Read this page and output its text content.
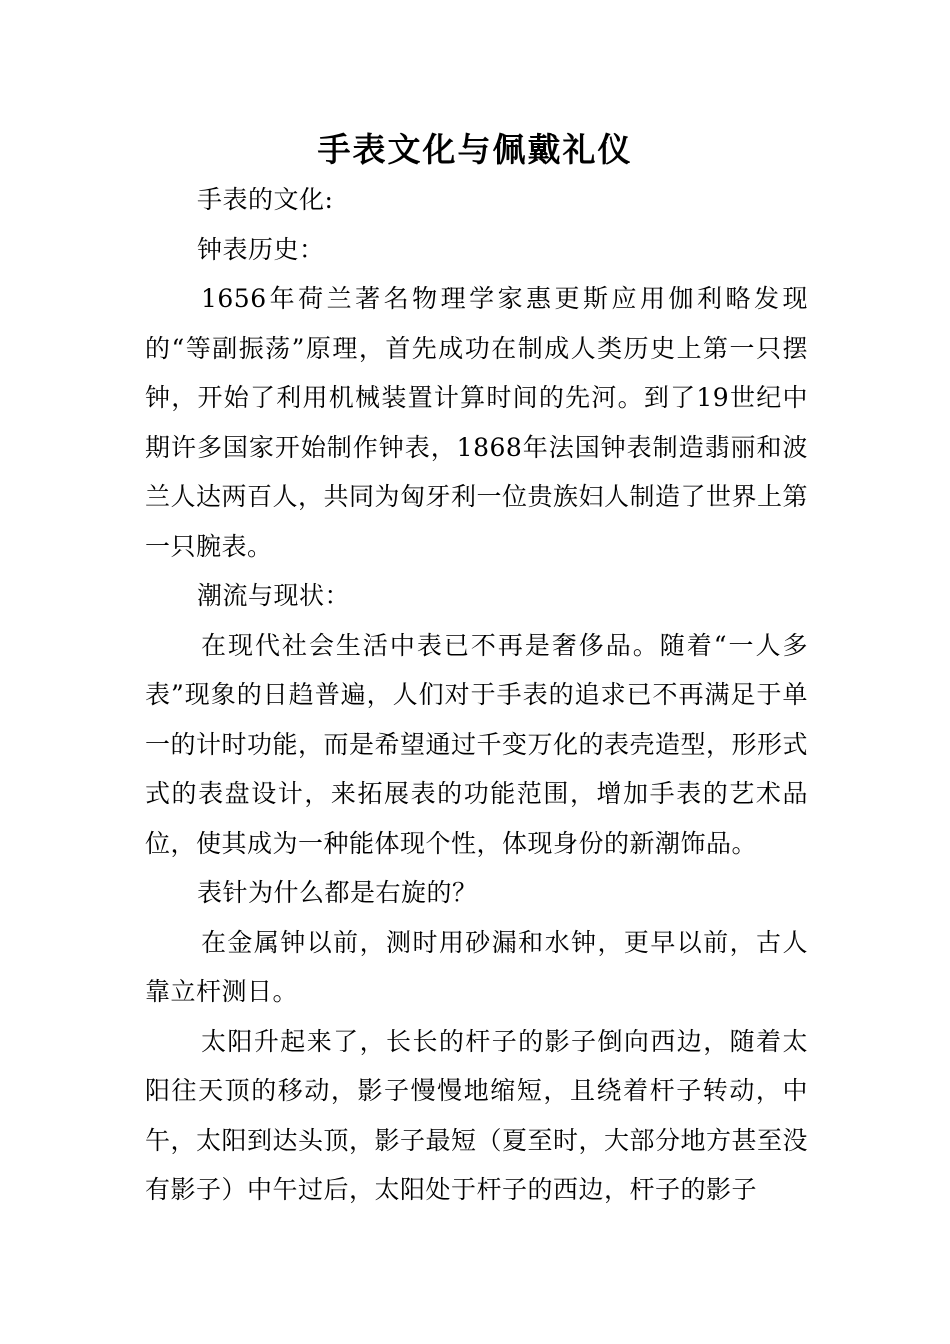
手表文化与佩戴礼仪

手表的文化:

钟表历史：

1656年荷兰著名物理学家惠更斯应用伽利略发现的“等副振荡”原理，首先成功在制成人类历史上第一只摆钟，开始了利用机械装置计算时间的先河。到了19世纪中期许多国家开始制作钟表，1868年法国钟表制造翡丽和波兰人达两百人，共同为匈牙利一位贵族妇人制造了世界上第一只腕表。

潮流与现状：

在现代社会生活中表已不再是奢侈品。随着“一人多表”现象的日趋普遍，人们对于手表的追求已不再满足于单一的计时功能，而是希望通过千变万化的表壳造型，形形式式的表盘设计，来拓展表的功能范围，增加手表的艺术品位，使其成为一种能体现个性，体现身份的新潮饰品。

表针为什么都是右旋的？

在金属钟以前，测时用砂漏和水钟，更早以前，古人靠立杆测日。

太阳升起来了，长长的杆子的影子倒向西边，随着太阳往天顶的移动，影子慢慢地缩短，且绕着杆子转动，中午，太阳到达头顶，影子最短（夏至时，大部分地方甚至没有影子）中午过后，太阳处于杆子的西边，杆子的影子
